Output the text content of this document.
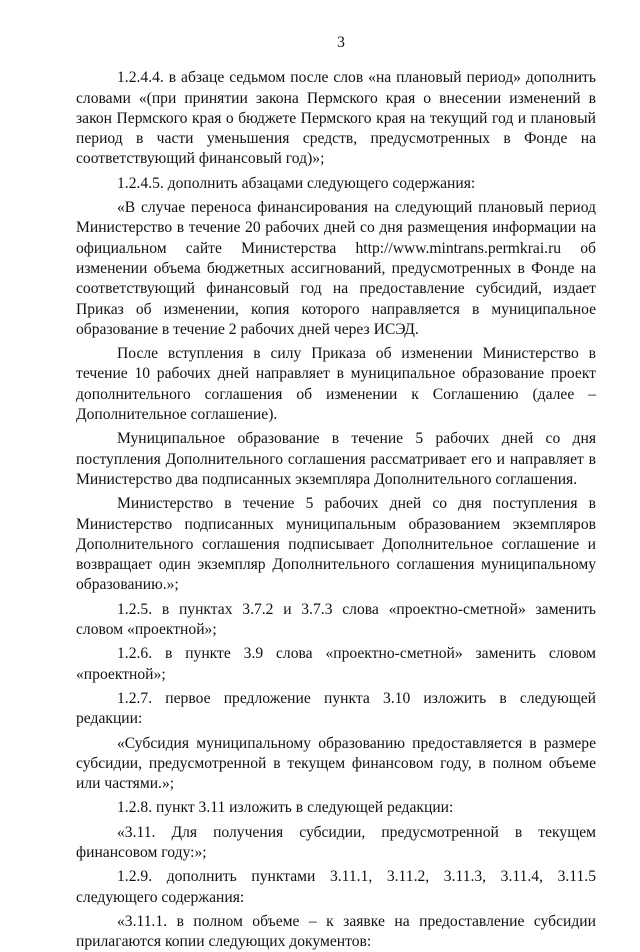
3

1.2.4.4. в абзаце седьмом после слов «на плановый период» дополнить словами «(при принятии закона Пермского края о внесении изменений в закон Пермского края о бюджете Пермского края на текущий год и плановый период в части уменьшения средств, предусмотренных в Фонде на соответствующий финансовый год)»;

1.2.4.5. дополнить абзацами следующего содержания:

«В случае переноса финансирования на следующий плановый период Министерство в течение 20 рабочих дней со дня размещения информации на официальном сайте Министерства http://www.mintrans.permkrai.ru об изменении объема бюджетных ассигнований, предусмотренных в Фонде на соответствующий финансовый год на предоставление субсидий, издает Приказ об изменении, копия которого направляется в муниципальное образование в течение 2 рабочих дней через ИСЭД.

После вступления в силу Приказа об изменении Министерство в течение 10 рабочих дней направляет в муниципальное образование проект дополнительного соглашения об изменении к Соглашению (далее – Дополнительное соглашение).

Муниципальное образование в течение 5 рабочих дней со дня поступления Дополнительного соглашения рассматривает его и направляет в Министерство два подписанных экземпляра Дополнительного соглашения.

Министерство в течение 5 рабочих дней со дня поступления в Министерство подписанных муниципальным образованием экземпляров Дополнительного соглашения подписывает Дополнительное соглашение и возвращает один экземпляр Дополнительного соглашения муниципальному образованию.»;

1.2.5. в пунктах 3.7.2 и 3.7.3 слова «проектно-сметной» заменить словом «проектной»;

1.2.6. в пункте 3.9 слова «проектно-сметной» заменить словом «проектной»;

1.2.7. первое предложение пункта 3.10 изложить в следующей редакции:

«Субсидия муниципальному образованию предоставляется в размере субсидии, предусмотренной в текущем финансовом году, в полном объеме или частями.»;

1.2.8. пункт 3.11 изложить в следующей редакции:

«3.11. Для получения субсидии, предусмотренной в текущем финансовом году:»;

1.2.9. дополнить пунктами 3.11.1, 3.11.2, 3.11.3, 3.11.4, 3.11.5 следующего содержания:

«3.11.1. в полном объеме – к заявке на предоставление субсидии прилагаются копии следующих документов:
